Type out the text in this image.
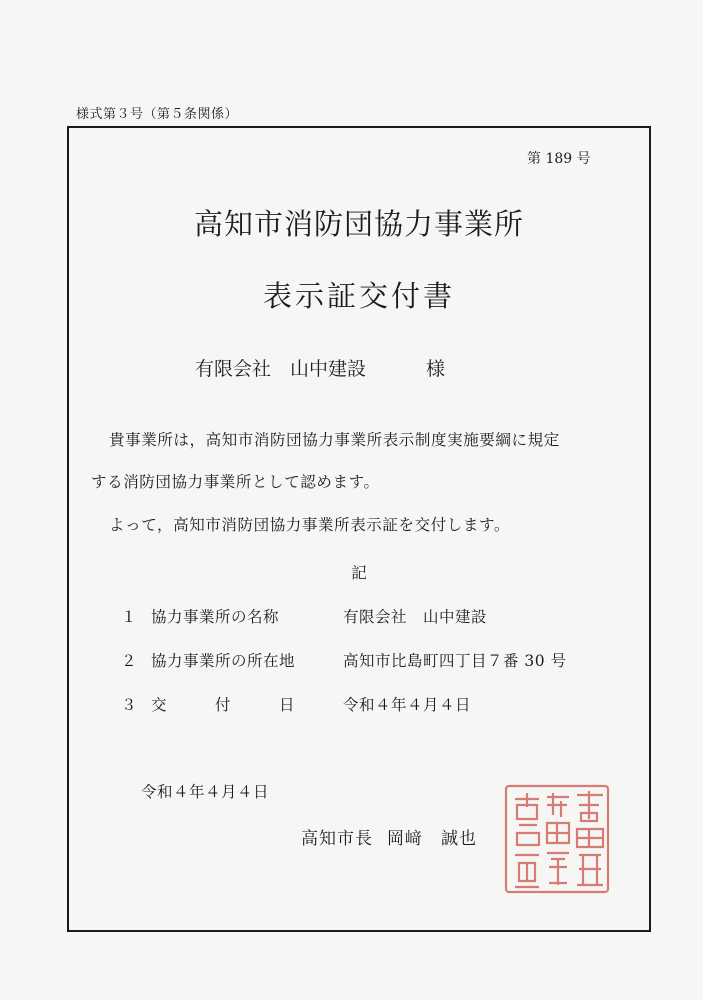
様式第３号（第５条関係）
第 189 号
高知市消防団協力事業所
表示証交付書
有限会社　山中建設	様
貴事業所は，高知市消防団協力事業所表示制度実施要綱に規定
する消防団協力事業所として認めます。
よって，高知市消防団協力事業所表示証を交付します。
記
１ 協力事業所の名称	有限会社　山中建設
２ 協力事業所の所在地	高知市比島町四丁目７番 30 号
３ 交　　　付　　　日	令和４年４月４日
令和４年４月４日
高知市長 岡﨑　誠也
